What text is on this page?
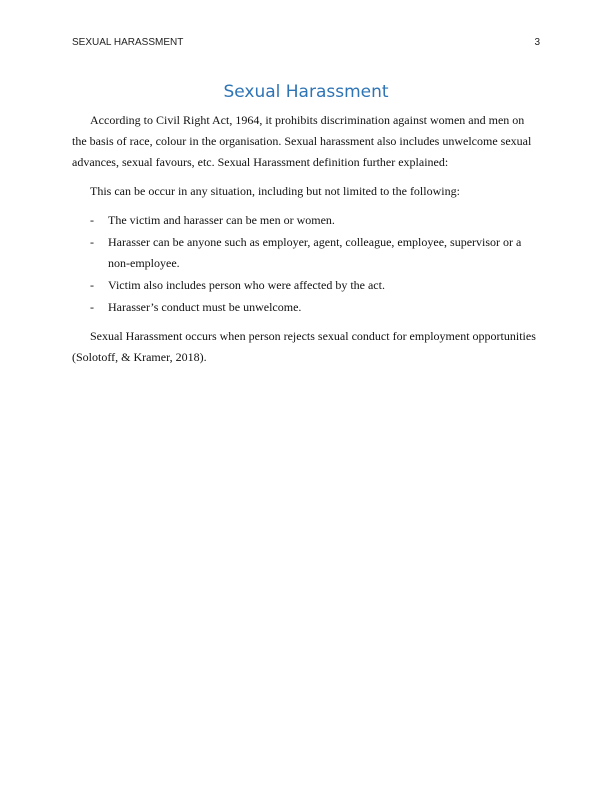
SEXUAL HARASSMENT	3
Sexual Harassment

According to Civil Right Act, 1964, it prohibits discrimination against women and men on the basis of race, colour in the organisation. Sexual harassment also includes unwelcome sexual advances, sexual favours, etc. Sexual Harassment definition further explained:

This can be occur in any situation, including but not limited to the following:

- The victim and harasser can be men or women.
- Harasser can be anyone such as employer, agent, colleague, employee, supervisor or a non-employee.
- Victim also includes person who were affected by the act.
- Harasser’s conduct must be unwelcome.

Sexual Harassment occurs when person rejects sexual conduct for employment opportunities (Solotoff, & Kramer, 2018).
